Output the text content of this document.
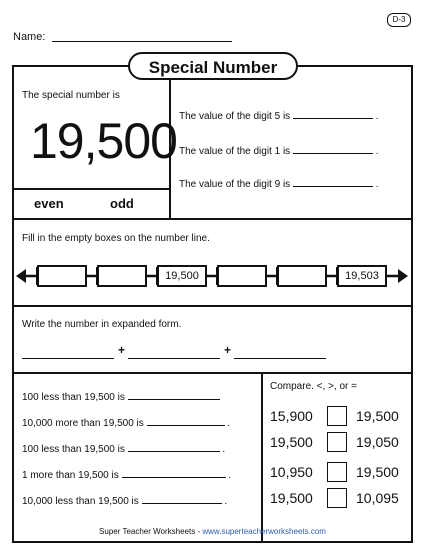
D-3
Name:
Special Number
The special number is
19,500
even	odd
The value of the digit 5 is	.
The value of the digit 1 is	.
The value of the digit 9 is	.
Fill in the empty boxes on the number line.
19,500	19,503
Write the number in expanded form.
+	+
100 less than 19,500 is
10,000 more than 19,500 is	.
100 less than 19,500 is	.
1 more than 19,500 is	.
10,000 less than 19,500 is	.
Compare. <, >, or =
15,900	19,500
19,500	19,050
10,950	19,500
19,500	10,095
Super Teacher Worksheets - www.superteacherworksheets.com
